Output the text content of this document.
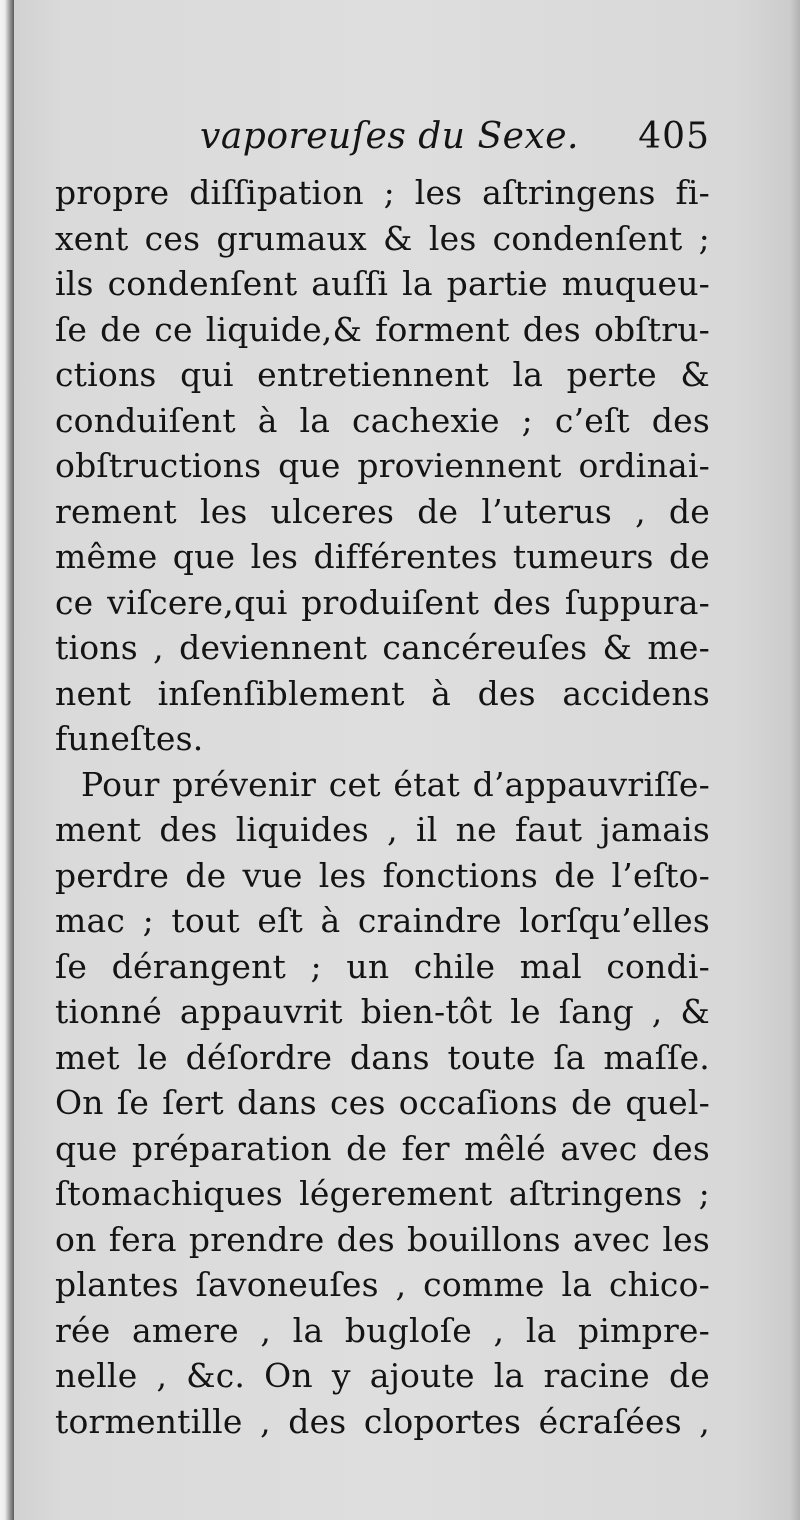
vaporeuſes du Sexe. 405
propre diſſipation ; les aſtringens fi-
xent ces grumaux & les condenſent ;
ils condenſent auſſi la partie muqueu-
ſe de ce liquide,& forment des obſtru-
ctions qui entretiennent la perte &
conduiſent à la cachexie ; c’eſt des
obſtructions que proviennent ordinai-
rement les ulceres de l’uterus , de
même que les différentes tumeurs de
ce viſcere,qui produiſent des ſuppura-
tions , deviennent cancéreuſes & me-
nent inſenſiblement à des accidens
funeſtes.
Pour prévenir cet état d’appauvriſſe-
ment des liquides , il ne faut jamais
perdre de vue les fonctions de l’eſto-
mac ; tout eſt à craindre lorſqu’elles
ſe dérangent ; un chile mal condi-
tionné appauvrit bien-tôt le ſang , &
met le déſordre dans toute ſa maſſe.
On ſe ſert dans ces occaſions de quel-
que préparation de fer mêlé avec des
ſtomachiques légerement aſtringens ;
on fera prendre des bouillons avec les
plantes ſavoneuſes , comme la chico-
rée amere , la bugloſe , la pimpre-
nelle , &c. On y ajoute la racine de
tormentille , des cloportes écraſées ,
